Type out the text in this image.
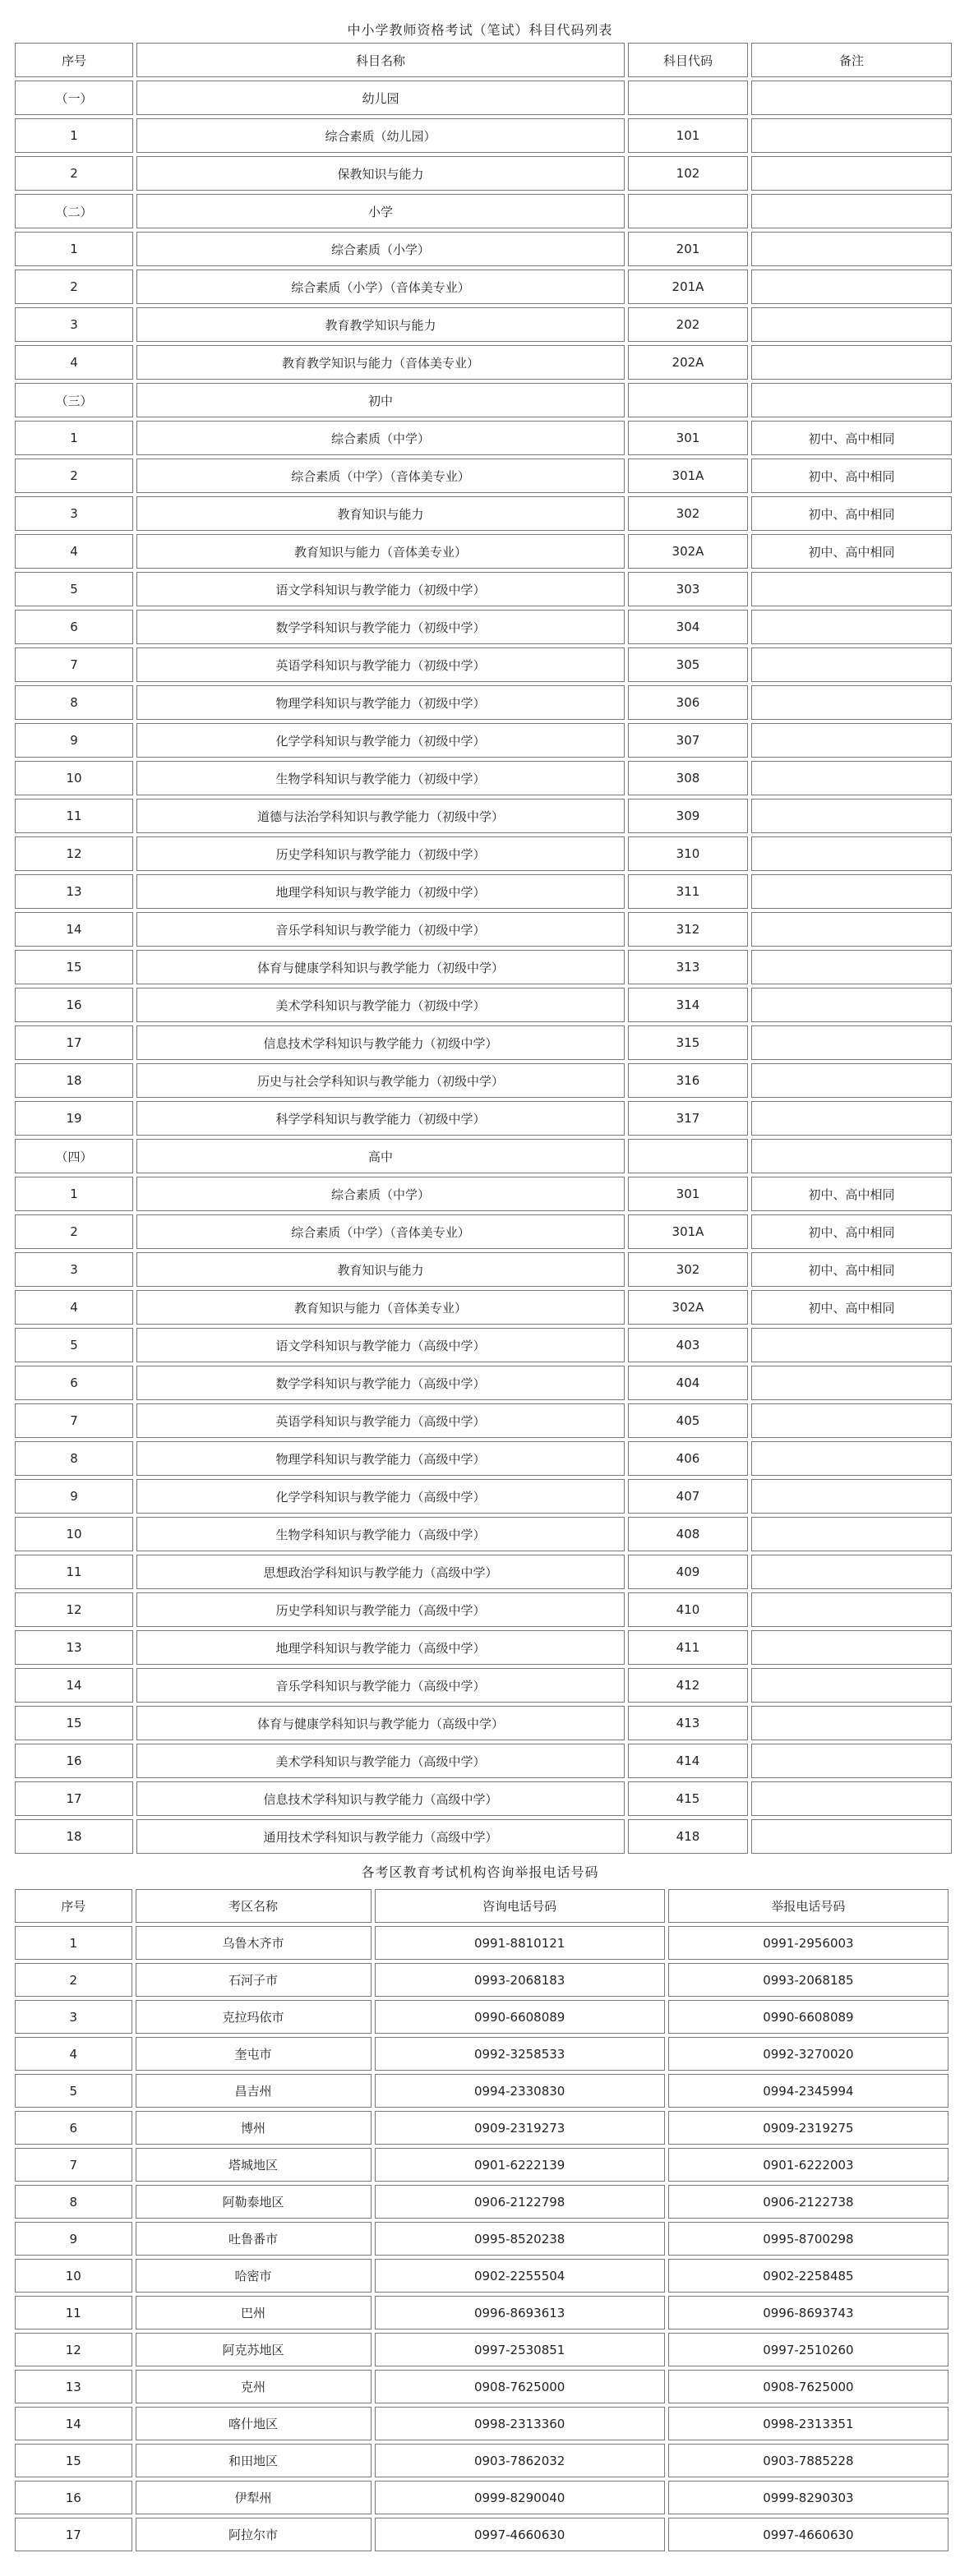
中小学教师资格考试（笔试）科目代码列表
序号	科目名称	科目代码	备注
（一）	幼儿园		
1	综合素质（幼儿园）	101	
2	保教知识与能力	102	
（二）	小学		
1	综合素质（小学）	201	
2	综合素质（小学）（音体美专业）	201A	
3	教育教学知识与能力	202	
4	教育教学知识与能力（音体美专业）	202A	
（三）	初中		
1	综合素质（中学）	301	初中、高中相同
2	综合素质（中学）（音体美专业）	301A	初中、高中相同
3	教育知识与能力	302	初中、高中相同
4	教育知识与能力（音体美专业）	302A	初中、高中相同
5	语文学科知识与教学能力（初级中学）	303	
6	数学学科知识与教学能力（初级中学）	304	
7	英语学科知识与教学能力（初级中学）	305	
8	物理学科知识与教学能力（初级中学）	306	
9	化学学科知识与教学能力（初级中学）	307	
10	生物学科知识与教学能力（初级中学）	308	
11	道德与法治学科知识与教学能力（初级中学）	309	
12	历史学科知识与教学能力（初级中学）	310	
13	地理学科知识与教学能力（初级中学）	311	
14	音乐学科知识与教学能力（初级中学）	312	
15	体育与健康学科知识与教学能力（初级中学）	313	
16	美术学科知识与教学能力（初级中学）	314	
17	信息技术学科知识与教学能力（初级中学）	315	
18	历史与社会学科知识与教学能力（初级中学）	316	
19	科学学科知识与教学能力（初级中学）	317	
（四）	高中		
1	综合素质（中学）	301	初中、高中相同
2	综合素质（中学）（音体美专业）	301A	初中、高中相同
3	教育知识与能力	302	初中、高中相同
4	教育知识与能力（音体美专业）	302A	初中、高中相同
5	语文学科知识与教学能力（高级中学）	403	
6	数学学科知识与教学能力（高级中学）	404	
7	英语学科知识与教学能力（高级中学）	405	
8	物理学科知识与教学能力（高级中学）	406	
9	化学学科知识与教学能力（高级中学）	407	
10	生物学科知识与教学能力（高级中学）	408	
11	思想政治学科知识与教学能力（高级中学）	409	
12	历史学科知识与教学能力（高级中学）	410	
13	地理学科知识与教学能力（高级中学）	411	
14	音乐学科知识与教学能力（高级中学）	412	
15	体育与健康学科知识与教学能力（高级中学）	413	
16	美术学科知识与教学能力（高级中学）	414	
17	信息技术学科知识与教学能力（高级中学）	415	
18	通用技术学科知识与教学能力（高级中学）	418	
各考区教育考试机构咨询举报电话号码
序号	考区名称	咨询电话号码	举报电话号码
1	乌鲁木齐市	0991-8810121	0991-2956003
2	石河子市	0993-2068183	0993-2068185
3	克拉玛依市	0990-6608089	0990-6608089
4	奎屯市	0992-3258533	0992-3270020
5	昌吉州	0994-2330830	0994-2345994
6	博州	0909-2319273	0909-2319275
7	塔城地区	0901-6222139	0901-6222003
8	阿勒泰地区	0906-2122798	0906-2122738
9	吐鲁番市	0995-8520238	0995-8700298
10	哈密市	0902-2255504	0902-2258485
11	巴州	0996-8693613	0996-8693743
12	阿克苏地区	0997-2530851	0997-2510260
13	克州	0908-7625000	0908-7625000
14	喀什地区	0998-2313360	0998-2313351
15	和田地区	0903-7862032	0903-7885228
16	伊犁州	0999-8290040	0999-8290303
17	阿拉尔市	0997-4660630	0997-4660630
